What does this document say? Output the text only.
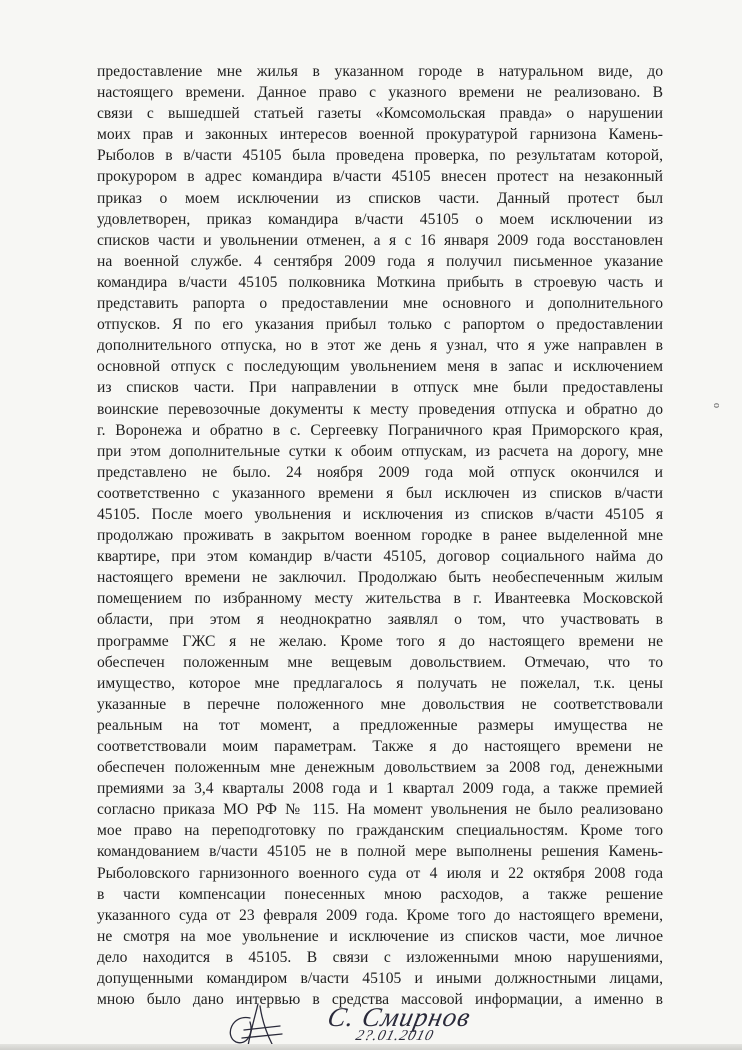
предоставление мне жилья в указанном городе в натуральном виде, до
настоящего времени. Данное право с указного времени не реализовано. В
связи с вышедшей статьей газеты «Комсомольская правда» о нарушении
моих прав и законных интересов военной прокуратурой гарнизона Камень-
Рыболов в в/части 45105 была проведена проверка, по результатам которой,
прокурором в адрес командира в/части 45105 внесен протест на незаконный
приказ о моем исключении из списков части. Данный протест был
удовлетворен, приказ командира в/части 45105 о моем исключении из
списков части и увольнении отменен, а я с 16 января 2009 года восстановлен
на военной службе. 4 сентября 2009 года я получил письменное указание
командира в/части 45105 полковника Моткина прибыть в строевую часть и
представить рапорта о предоставлении мне основного и дополнительного
отпусков. Я по его указания прибыл только с рапортом о предоставлении
дополнительного отпуска, но в этот же день я узнал, что я уже направлен в
основной отпуск с последующим увольнением меня в запас и исключением
из списков части. При направлении в отпуск мне были предоставлены
воинские перевозочные документы к месту проведения отпуска и обратно до
г. Воронежа и обратно в с. Сергеевку Пограничного края Приморского края,
при этом дополнительные сутки к обоим отпускам, из расчета на дорогу, мне
представлено не было. 24 ноября 2009 года мой отпуск окончился и
соответственно с указанного времени я был исключен из списков в/части
45105. После моего увольнения и исключения из списков в/части 45105 я
продолжаю проживать в закрытом военном городке в ранее выделенной мне
квартире, при этом командир в/части 45105, договор социального найма до
настоящего времени не заключил. Продолжаю быть необеспеченным жилым
помещением по избранному месту жительства в г. Ивантеевка Московской
области, при этом я неоднократно заявлял о том, что участвовать в
программе ГЖС я не желаю. Кроме того я до настоящего времени не
обеспечен положенным мне вещевым довольствием. Отмечаю, что то
имущество, которое мне предлагалось я получать не пожелал, т.к. цены
указанные в перечне положенного мне довольствия не соответствовали
реальным на тот момент, а предложенные размеры имущества не
соответствовали моим параметрам. Также я до настоящего времени не
обеспечен положенным мне денежным довольствием за 2008 год, денежными
премиями за 3,4 кварталы 2008 года и 1 квартал 2009 года, а также премией
согласно приказа МО РФ № 115. На момент увольнения не было реализовано
мое право на переподготовку по гражданским специальностям. Кроме того
командованием в/части 45105 не в полной мере выполнены решения Камень-
Рыболовского гарнизонного военного суда от 4 июля и 22 октября 2008 года
в части компенсации понесенных мною расходов, а также решение
указанного суда от 23 февраля 2009 года. Кроме того до настоящего времени,
не смотря на мое увольнение и исключение из списков части, мое личное
дело находится в 45105. В связи с изложенными мною нарушениями,
допущенными командиром в/части 45105 и иными должностными лицами,
мною было дано интервью в средства массовой информации, а именно в
о
С. Смирнов
2?.01.2010
